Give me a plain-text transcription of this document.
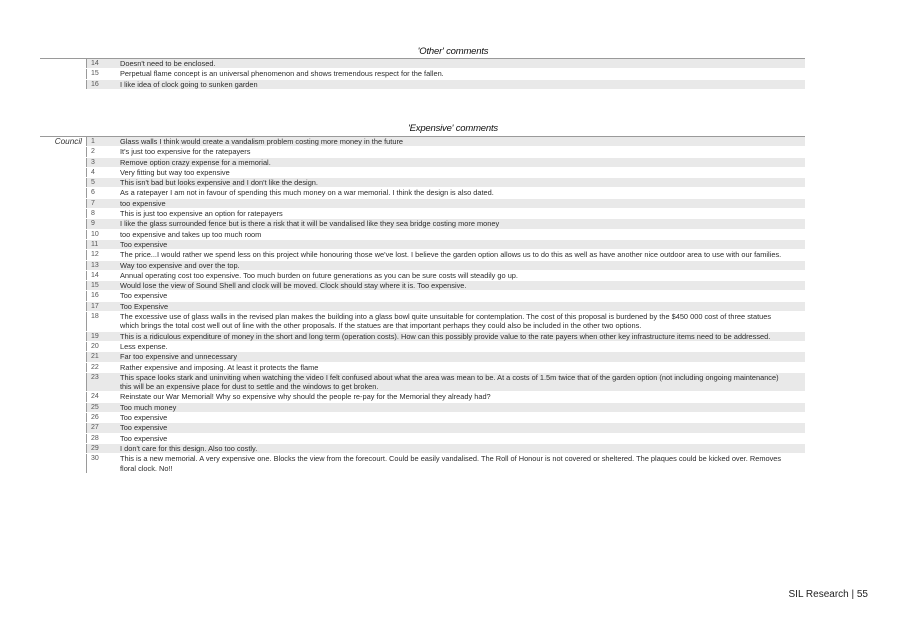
'Other' comments
14	Doesn't need to be enclosed.
15	Perpetual flame concept is an universal phenomenon and shows tremendous respect for the fallen.
16	I like idea of clock going to sunken garden
'Expensive' comments
Council	1	Glass walls I think would create a vandalism problem costing more money in the future
2	It's just too expensive for the ratepayers
3	Remove option crazy expense for a memorial.
4	Very fitting but way too expensive
5	This isn't bad but looks expensive and I don't like the design.
6	As a ratepayer I am not in favour of spending this much money on a war memorial. I think the design is also dated.
7	too expensive
8	This is just too expensive an option for ratepayers
9	I like the glass surrounded fence but is there a risk that it will be vandalised like they sea bridge costing more money
10	too expensive and takes up too much room
11	Too expensive
12	The price...I would rather we spend less on this project while honouring those we've lost. I believe the garden option allows us to do this as well as have another nice outdoor area to use with our families.
13	Way too expensive and over the top.
14	Annual operating cost too expensive. Too much burden on future generations as you can be sure costs will steadily go up.
15	Would lose the view of Sound Shell and clock will be moved. Clock should stay where it is. Too expensive.
16	Too expensive
17	Too Expensive
18	The excessive use of glass walls in the revised plan makes the building into a glass bowl quite unsuitable for contemplation. The cost of this proposal is burdened by the $450 000 cost of three statues which brings the total cost well out of line with the other proposals. If the statues are that important perhaps they could also be included in the other two options.
19	This is a ridiculous expenditure of money in the short and long term (operation costs). How can this possibly provide value to the rate payers when other key infrastructure items need to be addressed.
20	Less expense.
21	Far too expensive and unnecessary
22	Rather expensive and imposing. At least it protects the flame
23	This space looks stark and uninviting when watching the video I felt confused about what the area was mean to be. At a costs of 1.5m twice that of the garden option (not including ongoing maintenance) this will be an expensive place for dust to settle and the windows to get broken.
24	Reinstate our War Memorial! Why so expensive why should the people re-pay for the Memorial they already had?
25	Too much money
26	Too expensive
27	Too expensive
28	Too expensive
29	I don't care for this design. Also too costly.
30	This is a new memorial. A very expensive one. Blocks the view from the forecourt. Could be easily vandalised. The Roll of Honour is not covered or sheltered. The plaques could be kicked over. Removes floral clock. No!!
SIL Research | 55
